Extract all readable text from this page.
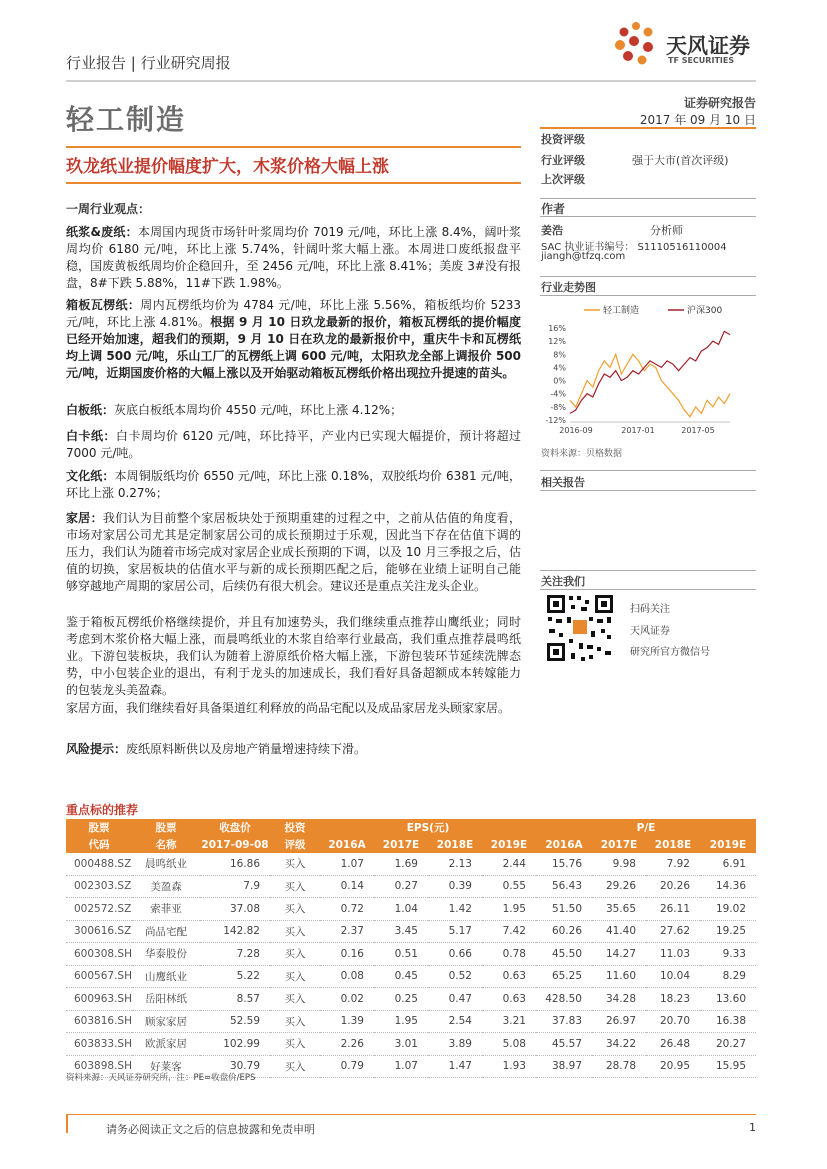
行业报告 | 行业研究周报
天风证券
TF SECURITIES
轻工制造	证券研究报告
2017 年 09 月 10 日
玖龙纸业提价幅度扩大，木浆价格大幅上涨
一周行业观点：
纸浆&废纸：本周国内现货市场针叶浆周均价 7019 元/吨，环比上涨 8.4%，阔叶浆周均价 6180 元/吨，环比上涨 5.74%，针阔叶浆大幅上涨。本周进口废纸报盘平稳，国废黄板纸周均价企稳回升，至 2456 元/吨，环比上涨 8.41%；美废 3#没有报盘，8#下跌 5.88%，11#下跌 1.98%。
箱板瓦楞纸：周内瓦楞纸均价为 4784 元/吨，环比上涨 5.56%，箱板纸均价 5233 元/吨，环比上涨 4.81%。根据 9 月 10 日玖龙最新的报价，箱板瓦楞纸的提价幅度已经开始加速，超我们的预期，9 月 10 日在玖龙的最新报价中，重庆牛卡和瓦楞纸均上调 500 元/吨，乐山工厂的瓦楞纸上调 600 元/吨，太阳玖龙全部上调报价 500 元/吨，近期国废价格的大幅上涨以及开始驱动箱板瓦楞纸价格出现拉升提速的苗头。
白板纸：灰底白板纸本周均价 4550 元/吨，环比上涨 4.12%；
白卡纸：白卡周均价 6120 元/吨，环比持平，产业内已实现大幅提价，预计将超过 7000 元/吨。
文化纸：本周铜版纸均价 6550 元/吨，环比上涨 0.18%，双胶纸均价 6381 元/吨，环比上涨 0.27%；
家居：我们认为目前整个家居板块处于预期重建的过程之中，之前从估值的角度看，市场对家居公司尤其是定制家居公司的成长预期过于乐观，因此当下存在估值下调的压力，我们认为随着市场完成对家居企业成长预期的下调，以及 10 月三季报之后，估值的切换，家居板块的估值水平与新的成长预期匹配之后，能够在业绩上证明自己能够穿越地产周期的家居公司，后续仍有很大机会。建议还是重点关注龙头企业。
鉴于箱板瓦楞纸价格继续提价，并且有加速势头，我们继续重点推荐山鹰纸业；同时考虑到木浆价格大幅上涨，而晨鸣纸业的木浆自给率行业最高，我们重点推荐晨鸣纸业。下游包装板块，我们认为随着上游原纸价格大幅上涨，下游包装环节延续洗牌态势，中小包装企业的退出，有利于龙头的加速成长，我们看好具备超额成本转嫁能力的包装龙头美盈森。
家居方面，我们继续看好具备渠道红利释放的尚品宅配以及成品家居龙头顾家家居。
风险提示：废纸原料断供以及房地产销量增速持续下滑。
投资评级
行业评级	强于大市(首次评级)
上次评级
作者
姜浩	分析师
SAC 执业证书编号： S1110516110004
jiangh@tfzq.com
行业走势图
轻工制造	沪深300
16%
12%
8%
4%
0%
-4%
-8%
-12%
2016-09	2017-01	2017-05
资料来源：贝格数据
相关报告
关注我们
扫码关注
天风证券
研究所官方微信号
重点标的推荐
股票	股票	收盘价	投资	EPS(元)				P/E			
代码	名称	2017-09-08	评级	2016A	2017E	2018E	2019E	2016A	2017E	2018E	2019E
000488.SZ	晨鸣纸业	16.86	买入	1.07	1.69	2.13	2.44	15.76	9.98	7.92	6.91
002303.SZ	美盈森	7.9	买入	0.14	0.27	0.39	0.55	56.43	29.26	20.26	14.36
002572.SZ	索菲亚	37.08	买入	0.72	1.04	1.42	1.95	51.50	35.65	26.11	19.02
300616.SZ	尚品宅配	142.82	买入	2.37	3.45	5.17	7.42	60.26	41.40	27.62	19.25
600308.SH	华泰股份	7.28	买入	0.16	0.51	0.66	0.78	45.50	14.27	11.03	9.33
600567.SH	山鹰纸业	5.22	买入	0.08	0.45	0.52	0.63	65.25	11.60	10.04	8.29
600963.SH	岳阳林纸	8.57	买入	0.02	0.25	0.47	0.63	428.50	34.28	18.23	13.60
603816.SH	顾家家居	52.59	买入	1.39	1.95	2.54	3.21	37.83	26.97	20.70	16.38
603833.SH	欧派家居	102.99	买入	2.26	3.01	3.89	5.08	45.57	34.22	26.48	20.27
603898.SH	好莱客	30.79	买入	0.79	1.07	1.47	1.93	38.97	28.78	20.95	15.95
资料来源：天风证券研究所，注：PE=收盘价/EPS
请务必阅读正文之后的信息披露和免责申明	1
